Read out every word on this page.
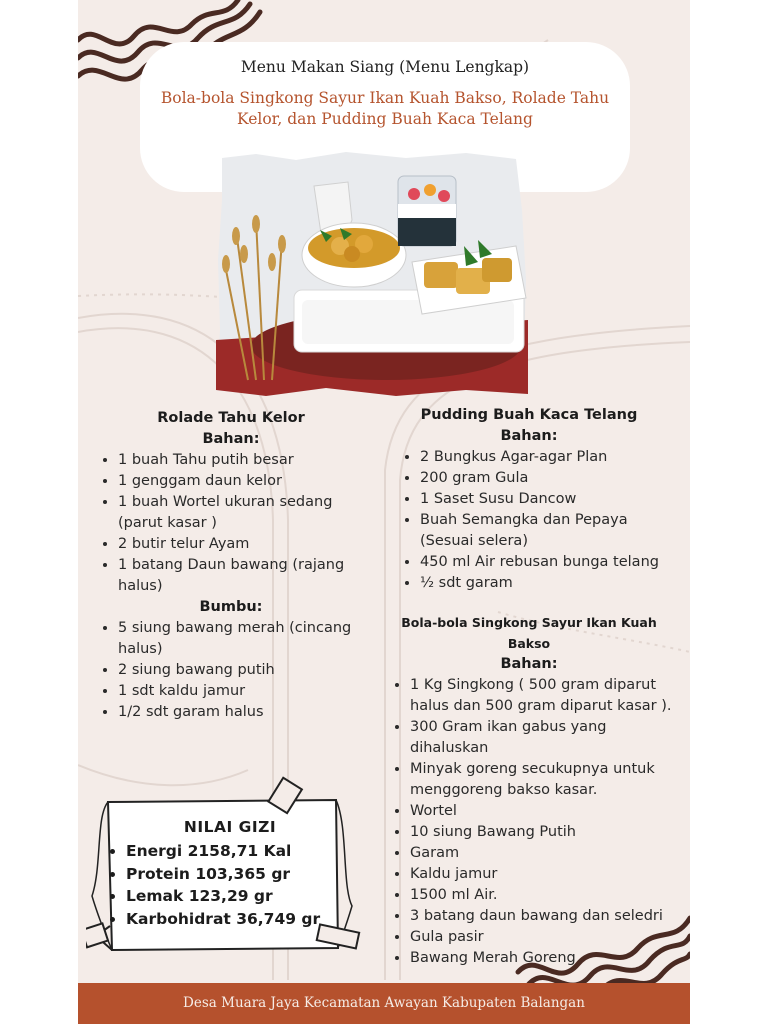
Menu Makan Siang (Menu Lengkap)
Bola-bola Singkong Sayur Ikan Kuah Bakso, Rolade Tahu Kelor, dan Pudding Buah Kaca Telang
Rolade Tahu Kelor
Bahan:
• 1 buah Tahu putih besar
• 1 genggam daun kelor
• 1 buah Wortel ukuran sedang (parut kasar )
• 2 butir telur Ayam
• 1 batang Daun bawang (rajang halus)
Bumbu:
• 5 siung bawang merah (cincang halus)
• 2 siung bawang putih
• 1 sdt kaldu jamur
• 1/2 sdt garam halus
Pudding Buah Kaca Telang
Bahan:
• 2 Bungkus Agar-agar Plan
• 200 gram Gula
• 1 Saset Susu Dancow
• Buah Semangka dan Pepaya (Sesuai selera)
• 450 ml Air rebusan bunga telang
• ½ sdt garam
Bola-bola Singkong Sayur Ikan Kuah Bakso
Bahan:
• 1 Kg Singkong ( 500 gram diparut halus dan 500 gram diparut kasar ).
• 300 Gram ikan gabus yang dihaluskan
• Minyak goreng secukupnya untuk menggoreng bakso kasar.
• Wortel
• 10 siung Bawang Putih
• Garam
• Kaldu jamur
• 1500 ml Air.
• 3 batang daun bawang dan seledri
• Gula pasir
• Bawang Merah Goreng
NILAI GIZI
• Energi 2158,71 Kal
• Protein 103,365 gr
• Lemak 123,29 gr
• Karbohidrat 36,749 gr
Desa Muara Jaya Kecamatan Awayan Kabupaten Balangan
